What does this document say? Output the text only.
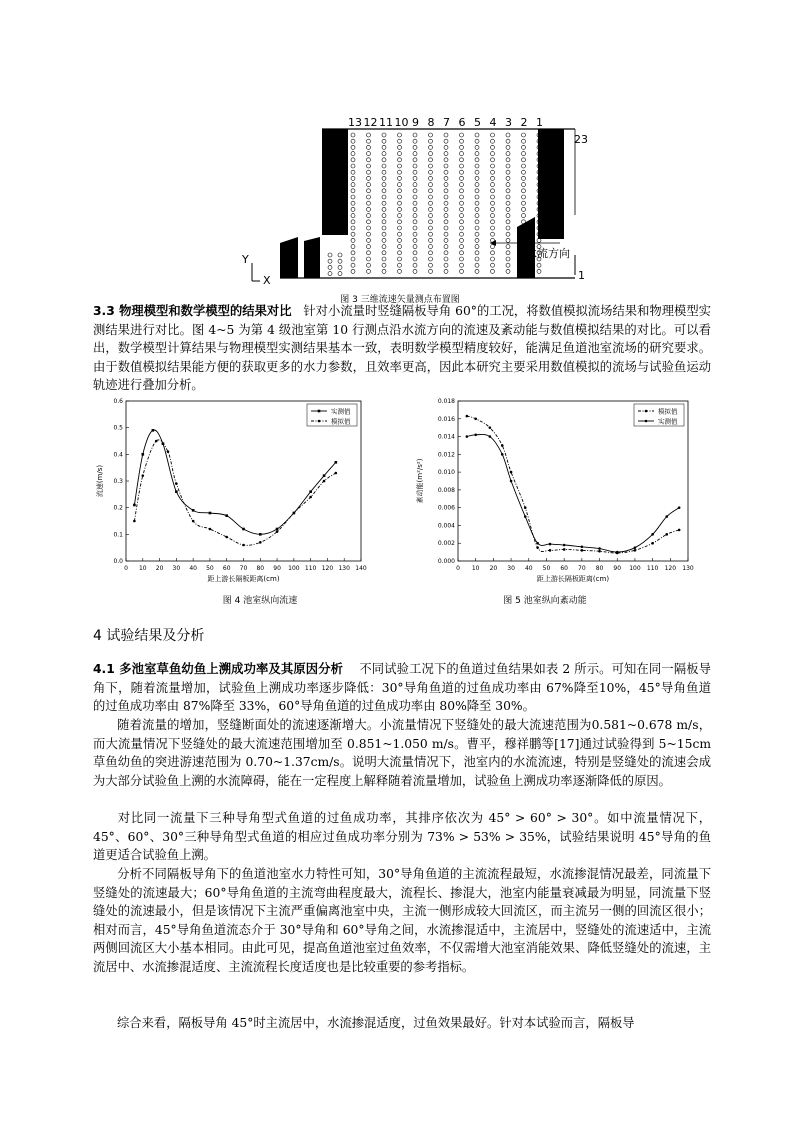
Y
X
水流方向
23
1
13 12 11 10 9 8 7 6 5 4 3 2 1
图 3 三维流速矢量测点布置图
3.3 物理模型和数学模型的结果对比 针对小流量时竖缝隔板导角 60°的工况，将数值模拟流场结果和物理模型实测结果进行对比。图 4~5 为第 4 级池室第 10 行测点沿水流方向的流速及紊动能与数值模拟结果的对比。可以看出，数学模型计算结果与物理模型实测结果基本一致，表明数学模型精度较好，能满足鱼道池室流场的研究要求。由于数值模拟结果能方便的获取更多的水力参数，且效率更高，因此本研究主要采用数值模拟的流场与试验鱼运动轨迹进行叠加分析。
0 10 20 30 40 50 60 70 80 90 100 110 120 130 140
0.0
0.1
0.2
0.3
0.4
0.5
0.6
距上游长隔板距离(cm)
流速(m/s)
实测值
模拟值
图 4 池室纵向流速
0 10 20 30 40 50 60 70 80 90 100 110 120 130
0.000
0.002
0.004
0.006
0.008
0.010
0.012
0.014
0.016
0.018
距上游长隔板距离(cm)
紊动能(m²/s²)
模拟值
实测值
图 5 池室纵向紊动能
4 试验结果及分析
4.1 多池室草鱼幼鱼上溯成功率及其原因分析 不同试验工况下的鱼道过鱼结果如表 2 所示。可知在同一隔板导角下，随着流量增加，试验鱼上溯成功率逐步降低：30°导角鱼道的过鱼成功率由 67%降至10%，45°导角鱼道的过鱼成功率由 87%降至 33%，60°导角鱼道的过鱼成功率由 80%降至 30%。
随着流量的增加，竖缝断面处的流速逐渐增大。小流量情况下竖缝处的最大流速范围为0.581~0.678 m/s，而大流量情况下竖缝处的最大流速范围增加至 0.851~1.050 m/s。曹平，穆祥鹏等[17]通过试验得到 5~15cm 草鱼幼鱼的突进游速范围为 0.70~1.37cm/s。说明大流量情况下，池室内的水流流速，特别是竖缝处的流速会成为大部分试验鱼上溯的水流障碍，能在一定程度上解释随着流量增加，试验鱼上溯成功率逐渐降低的原因。
对比同一流量下三种导角型式鱼道的过鱼成功率，其排序依次为 45° > 60° > 30°。如中流量情况下，45°、60°、30°三种导角型式鱼道的相应过鱼成功率分别为 73% > 53% > 35%，试验结果说明 45°导角的鱼道更适合试验鱼上溯。
分析不同隔板导角下的鱼道池室水力特性可知，30°导角鱼道的主流流程最短，水流掺混情况最差，同流量下竖缝处的流速最大；60°导角鱼道的主流弯曲程度最大，流程长、掺混大，池室内能量衰减最为明显，同流量下竖缝处的流速最小，但是该情况下主流严重偏离池室中央，主流一侧形成较大回流区，而主流另一侧的回流区很小；相对而言，45°导角鱼道流态介于 30°导角和 60°导角之间，水流掺混适中，主流居中，竖缝处的流速适中，主流两侧回流区大小基本相同。由此可见，提高鱼道池室过鱼效率，不仅需增大池室消能效果、降低竖缝处的流速，主流居中、水流掺混适度、主流流程长度适度也是比较重要的参考指标。
综合来看，隔板导角 45°时主流居中，水流掺混适度，过鱼效果最好。针对本试验而言，隔板导
